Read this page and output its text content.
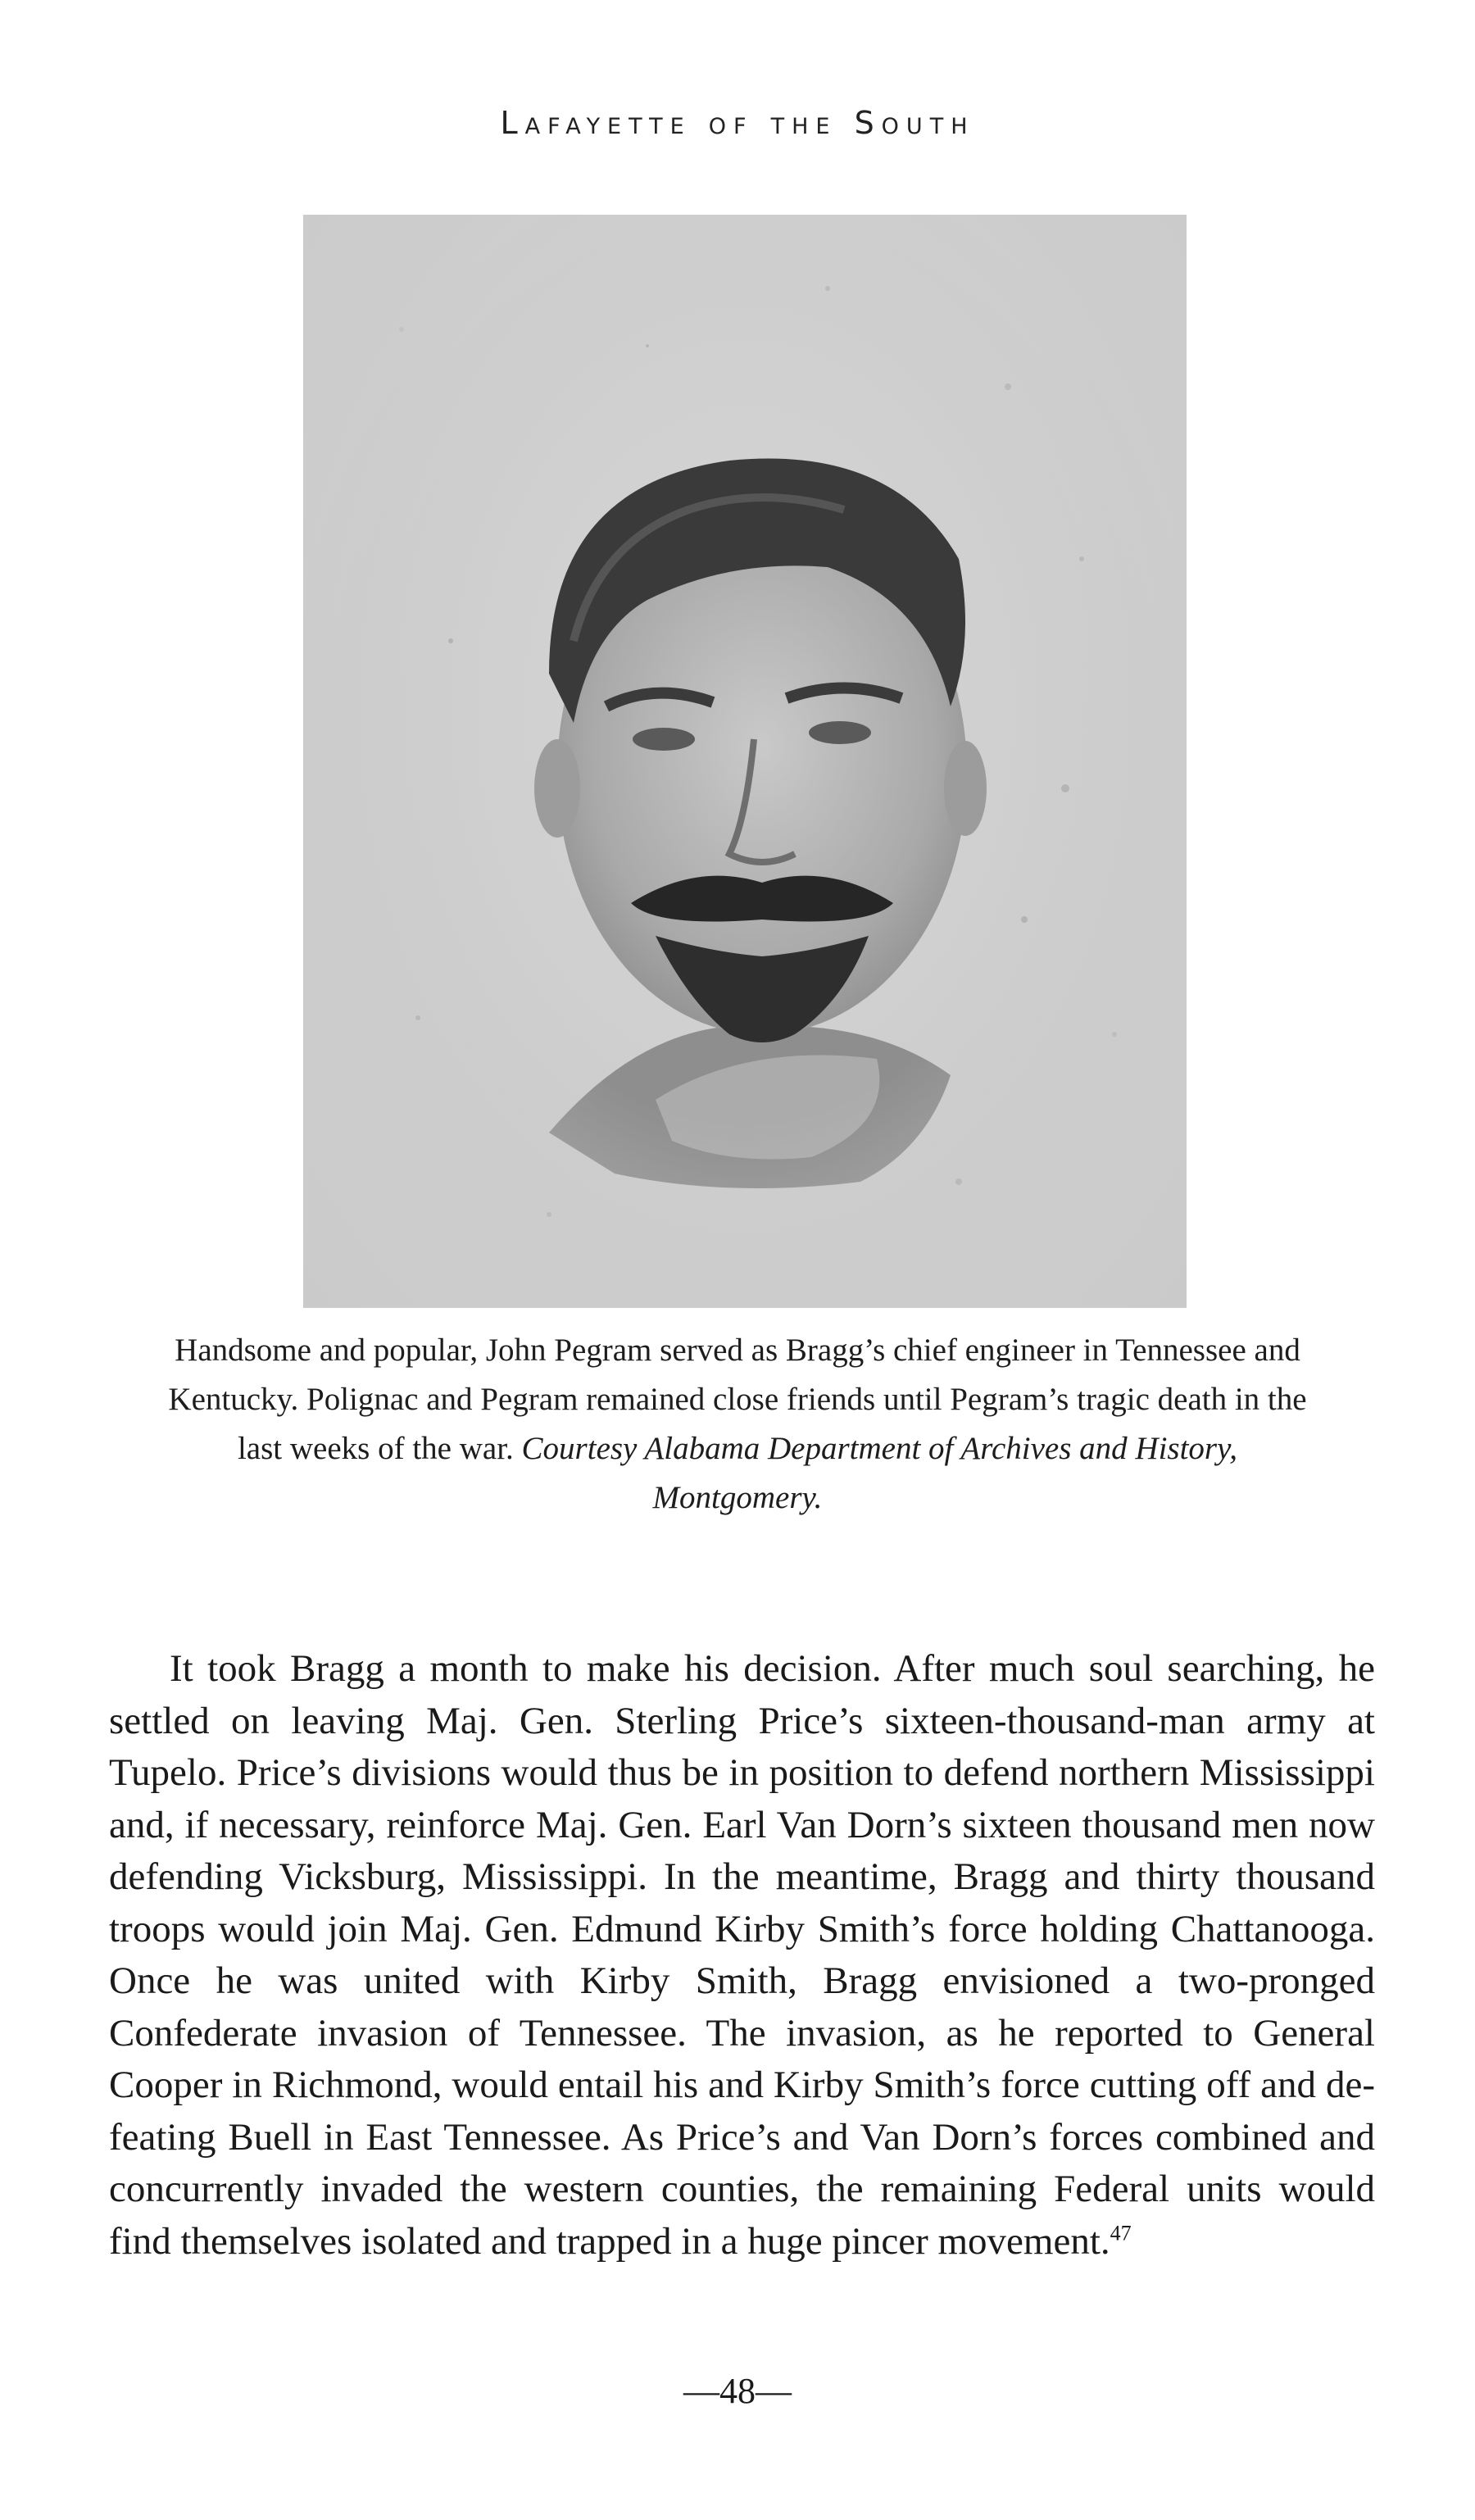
Lafayette of the South
Handsome and popular, John Pegram served as Bragg’s chief engineer in Tennessee and Kentucky. Polignac and Pegram remained close friends until Pegram’s tragic death in the last weeks of the war. Courtesy Alabama Department of Archives and History, Montgomery.
It took Bragg a month to make his decision. After much soul searching, he settled on leaving Maj. Gen. Sterling Price’s sixteen-thousand-man army at Tupelo. Price’s divisions would thus be in position to defend northern Mississippi and, if necessary, reinforce Maj. Gen. Earl Van Dorn’s sixteen thousand men now defending Vicksburg, Mississippi. In the meantime, Bragg and thirty thousand troops would join Maj. Gen. Edmund Kirby Smith’s force holding Chattanooga. Once he was united with Kirby Smith, Bragg envisioned a two-pronged Confederate invasion of Tennessee. The invasion, as he reported to General Cooper in Richmond, would entail his and Kirby Smith’s force cutting off and defeating Buell in East Tennessee. As Price’s and Van Dorn’s forces combined and concurrently invaded the western counties, the remaining Federal units would find themselves isolated and trapped in a huge pincer movement.$^{47}$
—48—
